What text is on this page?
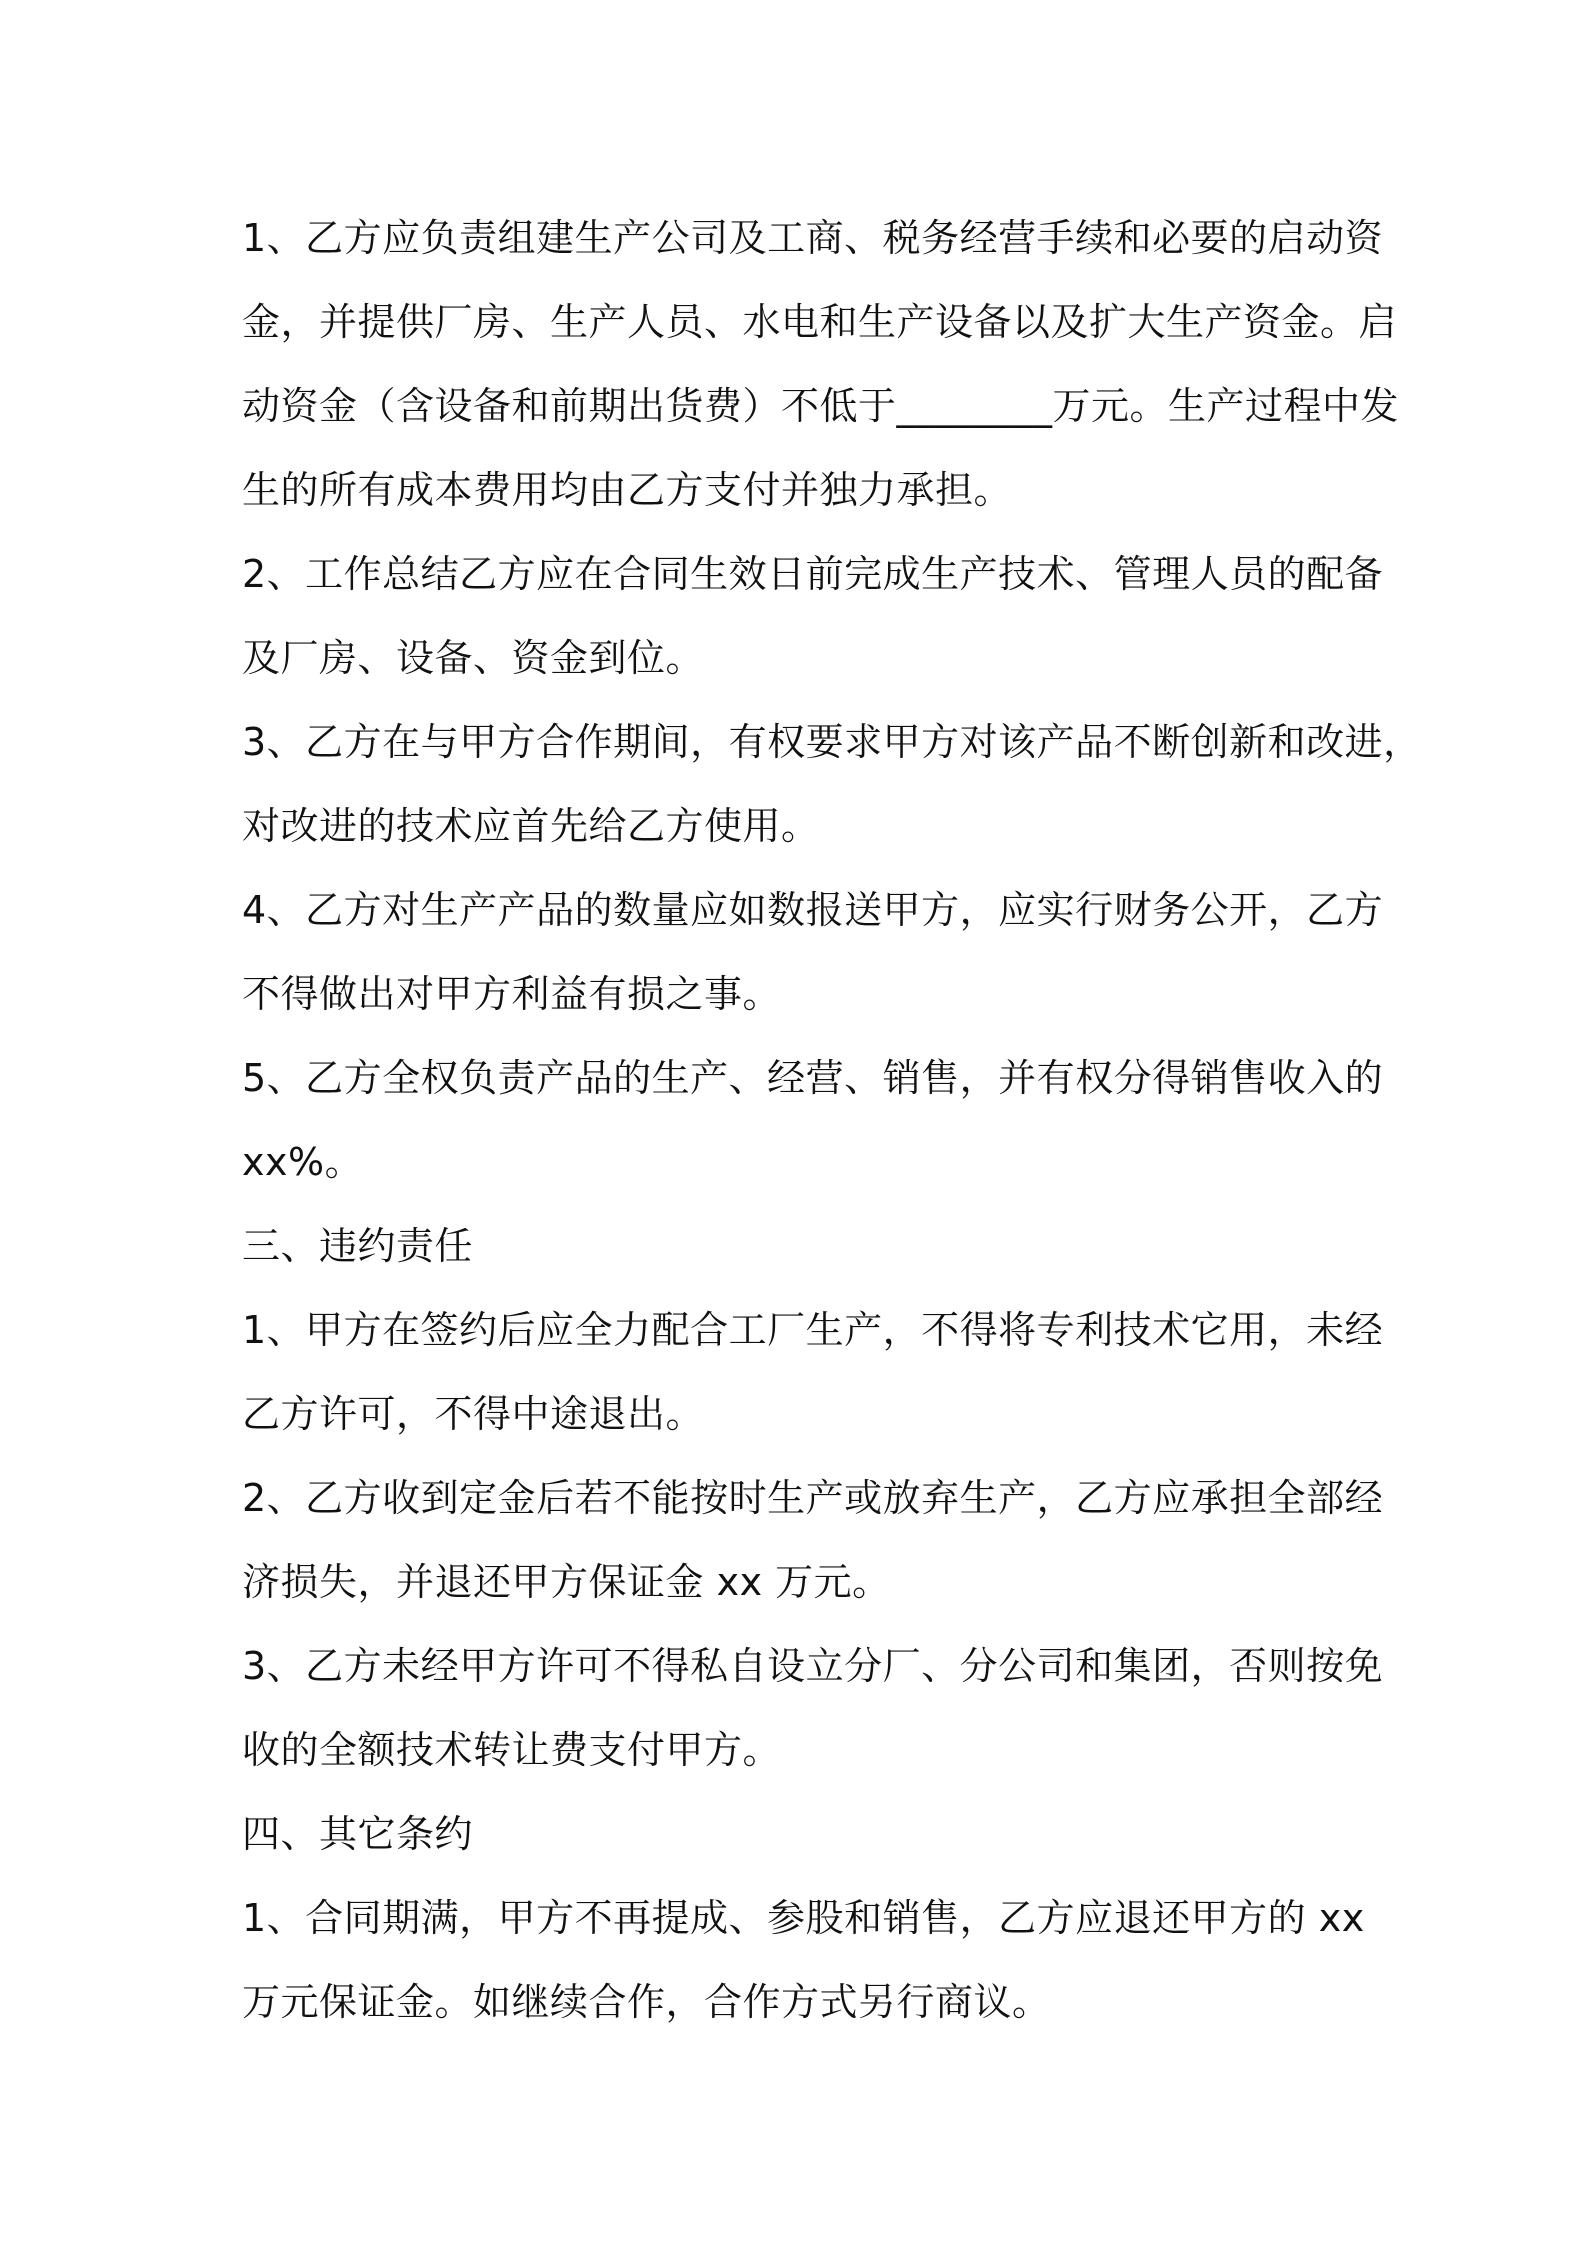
1、乙方应负责组建生产公司及工商、税务经营手续和必要的启动资

金，并提供厂房、生产人员、水电和生产设备以及扩大生产资金。启

动资金（含设备和前期出货费）不低于________万元。生产过程中发

生的所有成本费用均由乙方支付并独力承担。

2、工作总结乙方应在合同生效日前完成生产技术、管理人员的配备

及厂房、设备、资金到位。

3、乙方在与甲方合作期间，有权要求甲方对该产品不断创新和改进，

对改进的技术应首先给乙方使用。

4、乙方对生产产品的数量应如数报送甲方，应实行财务公开，乙方

不得做出对甲方利益有损之事。

5、乙方全权负责产品的生产、经营、销售，并有权分得销售收入的

xx%。

三、违约责任

1、甲方在签约后应全力配合工厂生产，不得将专利技术它用，未经

乙方许可，不得中途退出。

2、乙方收到定金后若不能按时生产或放弃生产，乙方应承担全部经

济损失，并退还甲方保证金 xx 万元。

3、乙方未经甲方许可不得私自设立分厂、分公司和集团，否则按免

收的全额技术转让费支付甲方。

四、其它条约

1、合同期满，甲方不再提成、参股和销售，乙方应退还甲方的 xx

万元保证金。如继续合作，合作方式另行商议。
